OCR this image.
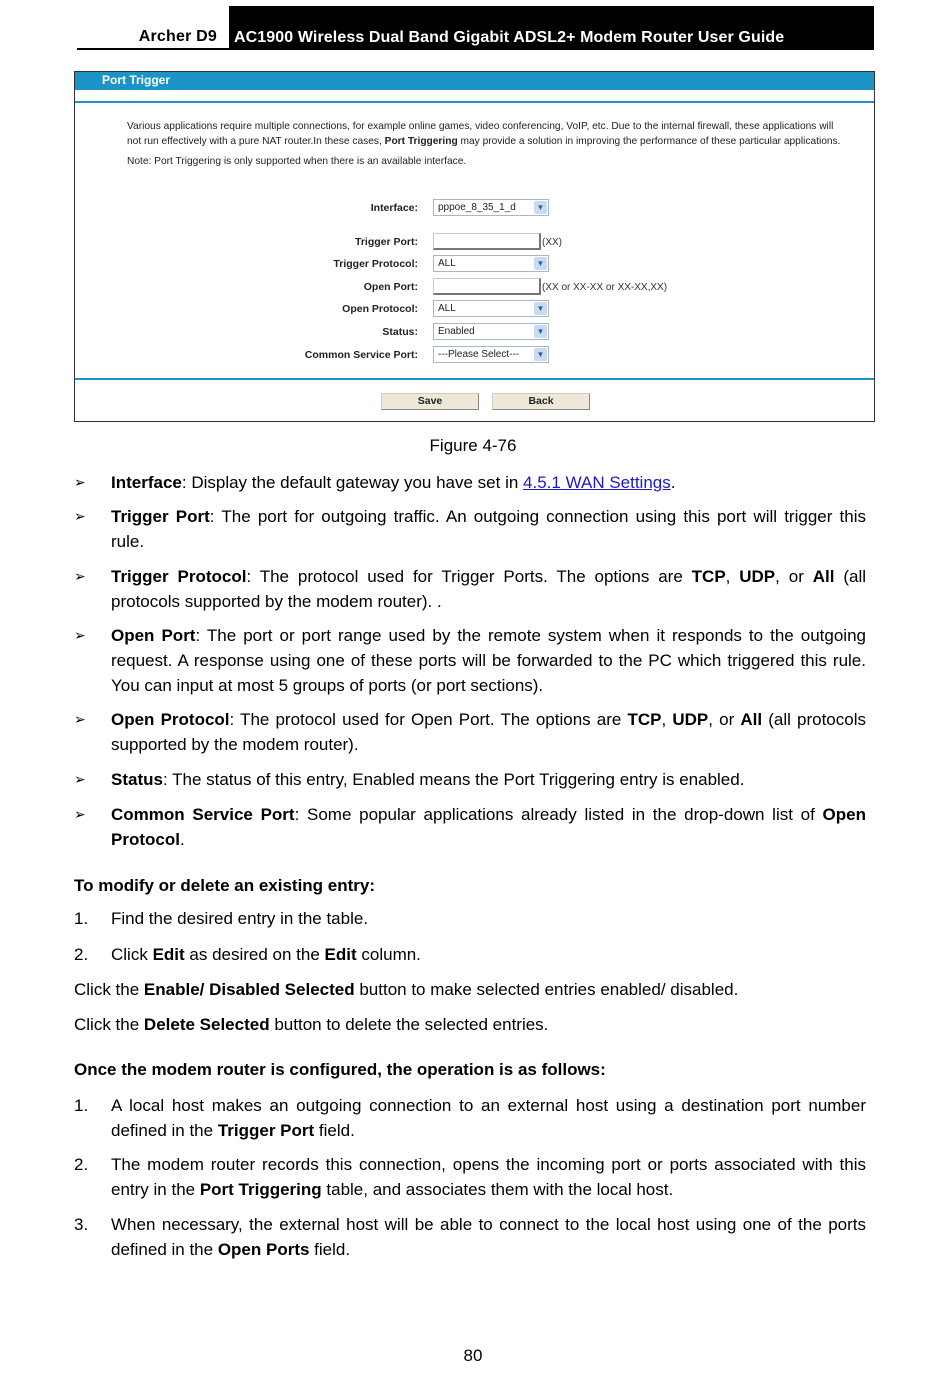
Archer D9 AC1900 Wireless Dual Band Gigabit ADSL2+ Modem Router User Guide
Port Trigger

Various applications require multiple connections, for example online games, video conferencing, VoIP, etc. Due to the internal firewall, these applications will not run effectively with a pure NAT router.In these cases, Port Triggering may provide a solution in improving the performance of these particular applications.

Note: Port Triggering is only supported when there is an available interface.

Interface: pppoe_8_35_1_d	▼
Trigger Port:	(XX)
Trigger Protocol: ALL	▼
Open Port:	(XX or XX-XX or XX-XX,XX)
Open Protocol: ALL	▼
Status: Enabled	▼
Common Service Port: ---Please Select---	▼
Save	Back
Figure 4-76
➢ Interface: Display the default gateway you have set in 4.5.1 WAN Settings.
➢ Trigger Port: The port for outgoing traffic. An outgoing connection using this port will trigger this rule.
➢ Trigger Protocol: The protocol used for Trigger Ports. The options are TCP, UDP, or All (all protocols supported by the modem router). .
➢ Open Port: The port or port range used by the remote system when it responds to the outgoing request. A response using one of these ports will be forwarded to the PC which triggered this rule. You can input at most 5 groups of ports (or port sections).
➢ Open Protocol: The protocol used for Open Port. The options are TCP, UDP, or All (all protocols supported by the modem router).
➢ Status: The status of this entry, Enabled means the Port Triggering entry is enabled.
➢ Common Service Port: Some popular applications already listed in the drop-down list of Open Protocol.
To modify or delete an existing entry:
1. Find the desired entry in the table.
2. Click Edit as desired on the Edit column.
Click the Enable/ Disabled Selected button to make selected entries enabled/ disabled.
Click the Delete Selected button to delete the selected entries.
Once the modem router is configured, the operation is as follows:
1. A local host makes an outgoing connection to an external host using a destination port number defined in the Trigger Port field.
2. The modem router records this connection, opens the incoming port or ports associated with this entry in the Port Triggering table, and associates them with the local host.
3. When necessary, the external host will be able to connect to the local host using one of the ports defined in the Open Ports field.
80
